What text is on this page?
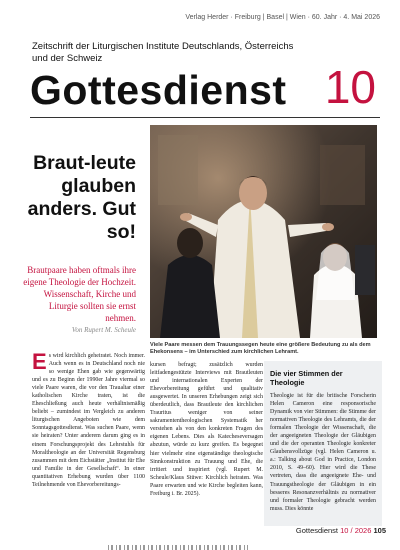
Verlag Herder · Freiburg | Basel | Wien · 60. Jahr · 4. Mai 2026
Zeitschrift der Liturgischen Institute Deutschlands, Österreichs und der Schweiz
Gottesdienst 10
Braut-leute glauben anders. Gut so!
Brautpaare haben oftmals ihre eigene Theologie der Hochzeit. Wissenschaft, Kirche und Liturgie sollten sie ernst nehmen.
Von Rupert M. Scheule
Viele Paare messen dem Trauungssegen heute eine größere Bedeutung zu als dem Ehekonsens – im Unterschied zum kirchlichen Lehramt.
Es wird kirchlich geheiratet. Noch immer. Auch wenn es in Deutschland noch nie so wenige Ehen gab wie gegenwärtig und es zu Beginn der 1990er Jahre viermal so viele Paare waren, die vor den Traualtar einer katholischen Kirche traten, ist die Eheschließung auch heute verhältnismäßig beliebt – zumindest im Vergleich zu anderen liturgischen Angeboten wie dem Sonntagsgottesdienst. Was suchen Paare, wenn sie heiraten? Unter anderem darum ging es in einem Forschungsprojekt des Lehrstuhls für Moraltheologie an der Universität Regensburg zusammen mit dem Eichstätter „Institut für Ehe und Familie in der Gesellschaft“. In einer quantitativen Erhebung wurden über 1100 Teilnehmende von Ehevorbereitungs-
kursen befragt; zusätzlich wurden leitfadengestützte Interviews mit Brautleuten und internationalen Experten der Ehevorbereitung geführt und qualitativ ausgewertet. In unseren Erhebungen zeigt sich überdeutlich, dass Brautleute den kirchlichen Trauritus weniger von seiner sakramententheologischen Systematik her verstehen als von den konkreten Fragen des eigenen Lebens. Dies als Katecheseversagen abzutun, würde zu kurz greifen. Es begegnet hier vielmehr eine eigenständige theologische Sinnkonstruktion zu Trauung und Ehe, die irritiert und inspiriert (vgl. Rupert M. Scheule/Klaus Stüwe: Kirchlich heiraten. Was Paare erwarten und wie Kirche begleiten kann, Freiburg i. Br. 2025).
Die vier Stimmen der Theologie
Theologie ist für die britische Forscherin Helen Cameron eine responsorische Dynamik von vier Stimmen: die Stimme der normativen Theologie des Lehramts, die der formalen Theologie der Wissenschaft, die der angeeigneten Theologie der Gläubigen und die der operanten Theologie konkreter Glaubensvollzüge (vgl. Helen Cameron u. a.: Talking about God in Practice, London 2010, S. 49–60). Hier wird die These vertreten, dass die angeeignete Ehe- und Trauungstheologie der Gläubigen in ein besseres Resonanzverhältnis zu normativer und formaler Theologie gebracht werden muss. Dies könnte
Gottesdienst 10 / 2026 105
